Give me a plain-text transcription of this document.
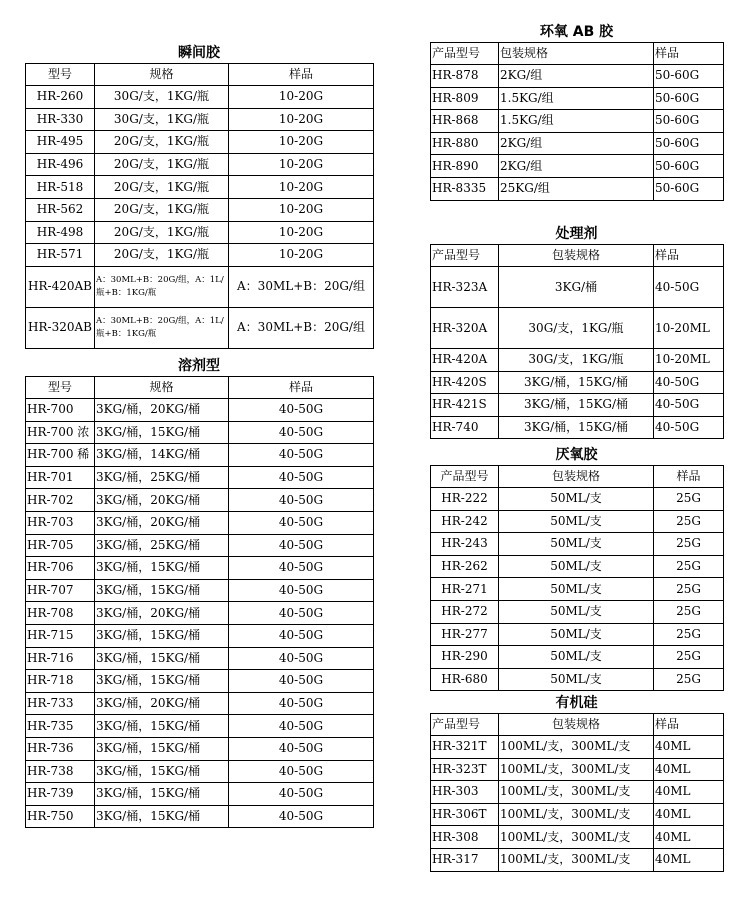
瞬间胶
型号	规格	样品
HR-260	30G/支，1KG/瓶	10-20G
HR-330	30G/支，1KG/瓶	10-20G
HR-495	20G/支，1KG/瓶	10-20G
HR-496	20G/支，1KG/瓶	10-20G
HR-518	20G/支，1KG/瓶	10-20G
HR-562	20G/支，1KG/瓶	10-20G
HR-498	20G/支，1KG/瓶	10-20G
HR-571	20G/支，1KG/瓶	10-20G
HR-420AB	A：30ML+B：20G/组，A：1L/瓶+B：1KG/瓶	A：30ML+B：20G/组
HR-320AB	A：30ML+B：20G/组，A：1L/瓶+B：1KG/瓶	A：30ML+B：20G/组
溶剂型
型号	规格	样品
HR-700	3KG/桶，20KG/桶	40-50G
HR-700 浓	3KG/桶，15KG/桶	40-50G
HR-700 稀	3KG/桶，14KG/桶	40-50G
HR-701	3KG/桶，25KG/桶	40-50G
HR-702	3KG/桶，20KG/桶	40-50G
HR-703	3KG/桶，20KG/桶	40-50G
HR-705	3KG/桶，25KG/桶	40-50G
HR-706	3KG/桶，15KG/桶	40-50G
HR-707	3KG/桶，15KG/桶	40-50G
HR-708	3KG/桶，20KG/桶	40-50G
HR-715	3KG/桶，15KG/桶	40-50G
HR-716	3KG/桶，15KG/桶	40-50G
HR-718	3KG/桶，15KG/桶	40-50G
HR-733	3KG/桶，20KG/桶	40-50G
HR-735	3KG/桶，15KG/桶	40-50G
HR-736	3KG/桶，15KG/桶	40-50G
HR-738	3KG/桶，15KG/桶	40-50G
HR-739	3KG/桶，15KG/桶	40-50G
HR-750	3KG/桶，15KG/桶	40-50G
环氧 AB 胶
产品型号	包装规格	样品
HR-878	2KG/组	50-60G
HR-809	1.5KG/组	50-60G
HR-868	1.5KG/组	50-60G
HR-880	2KG/组	50-60G
HR-890	2KG/组	50-60G
HR-8335	25KG/组	50-60G
处理剂
产品型号	包装规格	样品
HR-323A	3KG/桶	40-50G
HR-320A	30G/支，1KG/瓶	10-20ML
HR-420A	30G/支，1KG/瓶	10-20ML
HR-420S	3KG/桶，15KG/桶	40-50G
HR-421S	3KG/桶，15KG/桶	40-50G
HR-740	3KG/桶，15KG/桶	40-50G
厌氧胶
产品型号	包装规格	样品
HR-222	50ML/支	25G
HR-242	50ML/支	25G
HR-243	50ML/支	25G
HR-262	50ML/支	25G
HR-271	50ML/支	25G
HR-272	50ML/支	25G
HR-277	50ML/支	25G
HR-290	50ML/支	25G
HR-680	50ML/支	25G
有机硅
产品型号	包装规格	样品
HR-321T	100ML/支，300ML/支	40ML
HR-323T	100ML/支，300ML/支	40ML
HR-303	100ML/支，300ML/支	40ML
HR-306T	100ML/支，300ML/支	40ML
HR-308	100ML/支，300ML/支	40ML
HR-317	100ML/支，300ML/支	40ML
